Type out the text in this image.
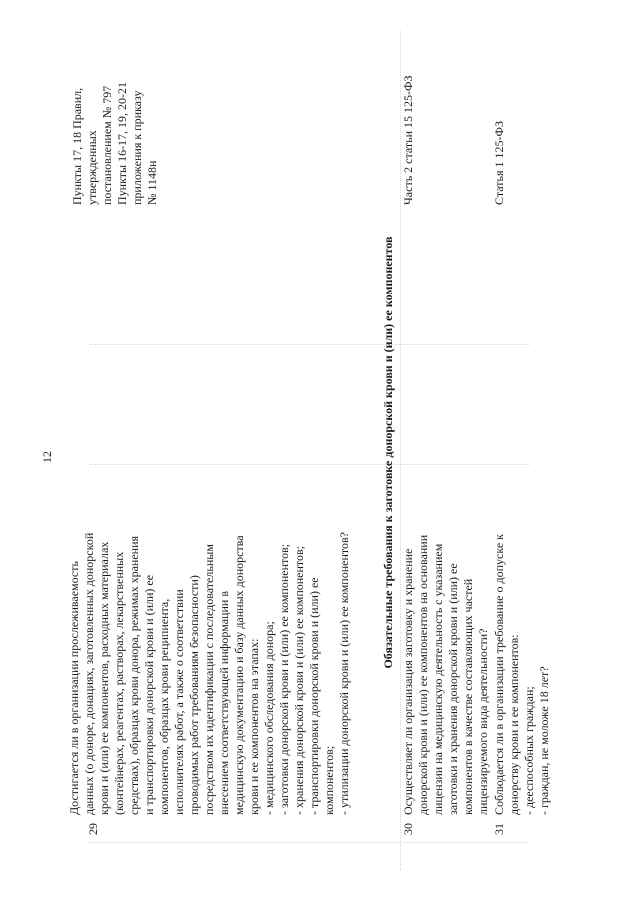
12
29
Достигается ли в организации прослеживаемость данных (о доноре, донациях, заготовленных донорской крови и (или) ее компонентов, расходных материалах (контейнерах, реагентах, растворах, лекарственных средствах), образцах крови донора, режимах хранения и транспортировки донорской крови и (или) ее компонентов, образцах крови реципиента, исполнителях работ, а также о соответствии проводимых работ требованиям безопасности) посредством их идентификации с последовательным внесением соответствующей информации в медицинскую документацию и базу данных донорства крови и ее компонентов на этапах: - медицинского обследования донора; - заготовки донорской крови и (или) ее компонентов; - хранения донорской крови и (или) ее компонентов; - транспортировки донорской крови и (или) ее компонентов; - утилизации донорской крови и (или) ее компонентов?
Пункты 17, 18 Правил, утвержденных постановлением № 797 Пункты 16-17, 19, 20-21 приложения к приказу № 1148н
Обязательные требования к заготовке донорской крови и (или) ее компонентов
30
Осуществляет ли организация заготовку и хранение донорской крови и (или) ее компонентов на основании лицензии на медицинскую деятельность с указанием заготовки и хранения донорской крови и (или) ее компонентов в качестве составляющих частей лицензируемого вида деятельности?
Часть 2 статьи 15 125-ФЗ
31
Соблюдается ли в организации требование о допуске к донорству крови и ее компонентов: - дееспособных граждан; - граждан, не моложе 18 лет?
Статья 1 125-ФЗ
